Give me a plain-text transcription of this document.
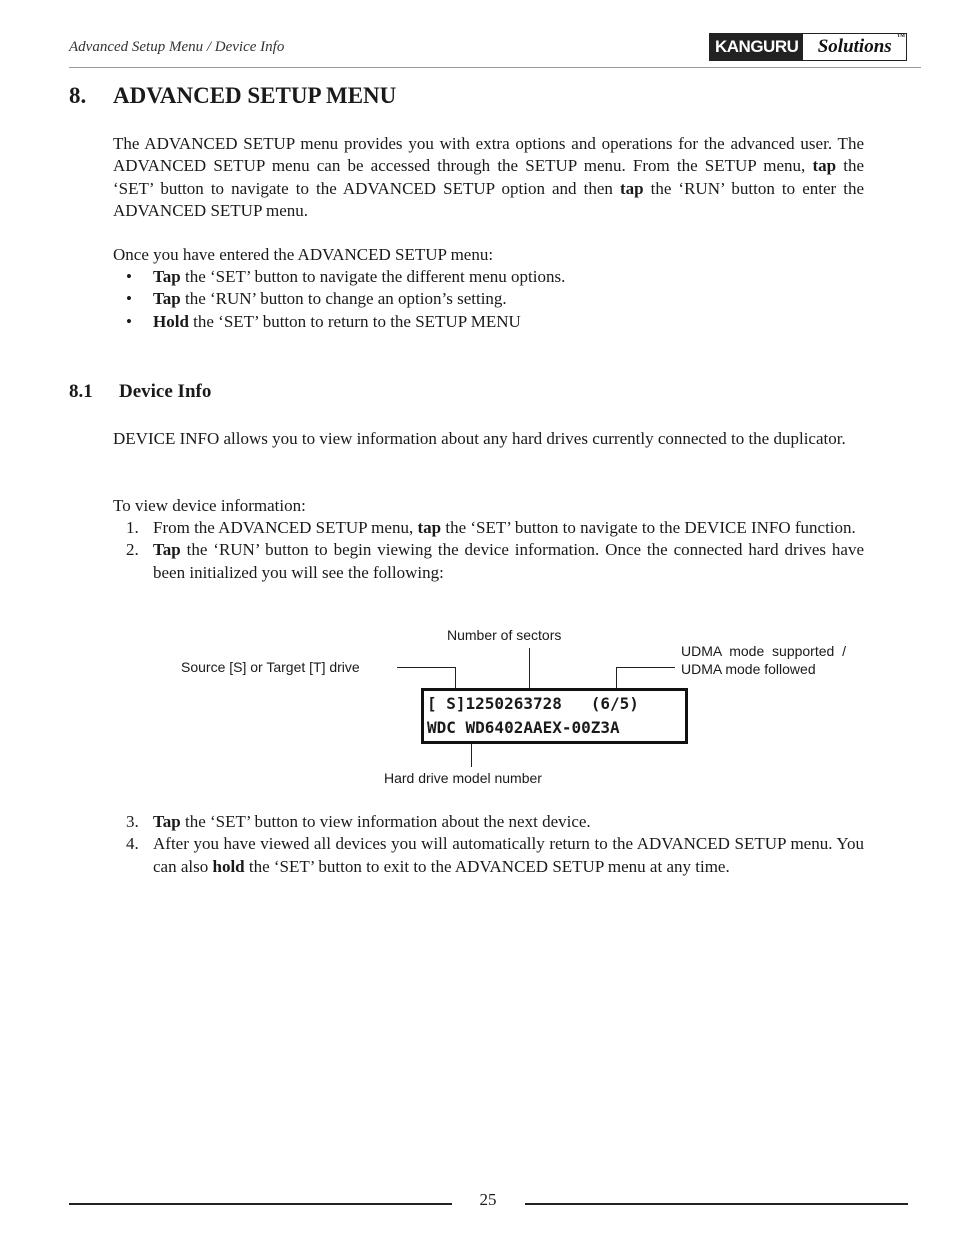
Advanced Setup Menu / Device Info	KANGURU Solutions TM
8. ADVANCED SETUP MENU

The ADVANCED SETUP menu provides you with extra options and operations for the advanced user. The ADVANCED SETUP menu can be accessed through the SETUP menu. From the SETUP menu, tap the ‘SET’ button to navigate to the ADVANCED SETUP option and then tap the ‘RUN’ button to enter the ADVANCED SETUP menu.

Once you have entered the ADVANCED SETUP menu:

• Tap the ‘SET’ button to navigate the different menu options.
• Tap the ‘RUN’ button to change an option’s setting.
• Hold the ‘SET’ button to return to the SETUP MENU
8.1 Device Info

DEVICE INFO allows you to view information about any hard drives currently connected to the duplicator.

To view device information:

1. From the ADVANCED SETUP menu, tap the ‘SET’ button to navigate to the DEVICE INFO function.
2. Tap the ‘RUN’ button to begin viewing the device information. Once the connected hard drives have been initialized you will see the following:
Number of sectors
Source [S] or Target [T] drive
UDMA  mode  supported  /
UDMA mode followed
Hard drive model number
[ S]1250263728   (6/5)
WDC WD6402AAEX-00Z3A
3. Tap the ‘SET’ button to view information about the next device.
4. After you have viewed all devices you will automatically return to the ADVANCED SETUP menu. You can also hold the ‘SET’ button to exit to the ADVANCED SETUP menu at any time.
25
